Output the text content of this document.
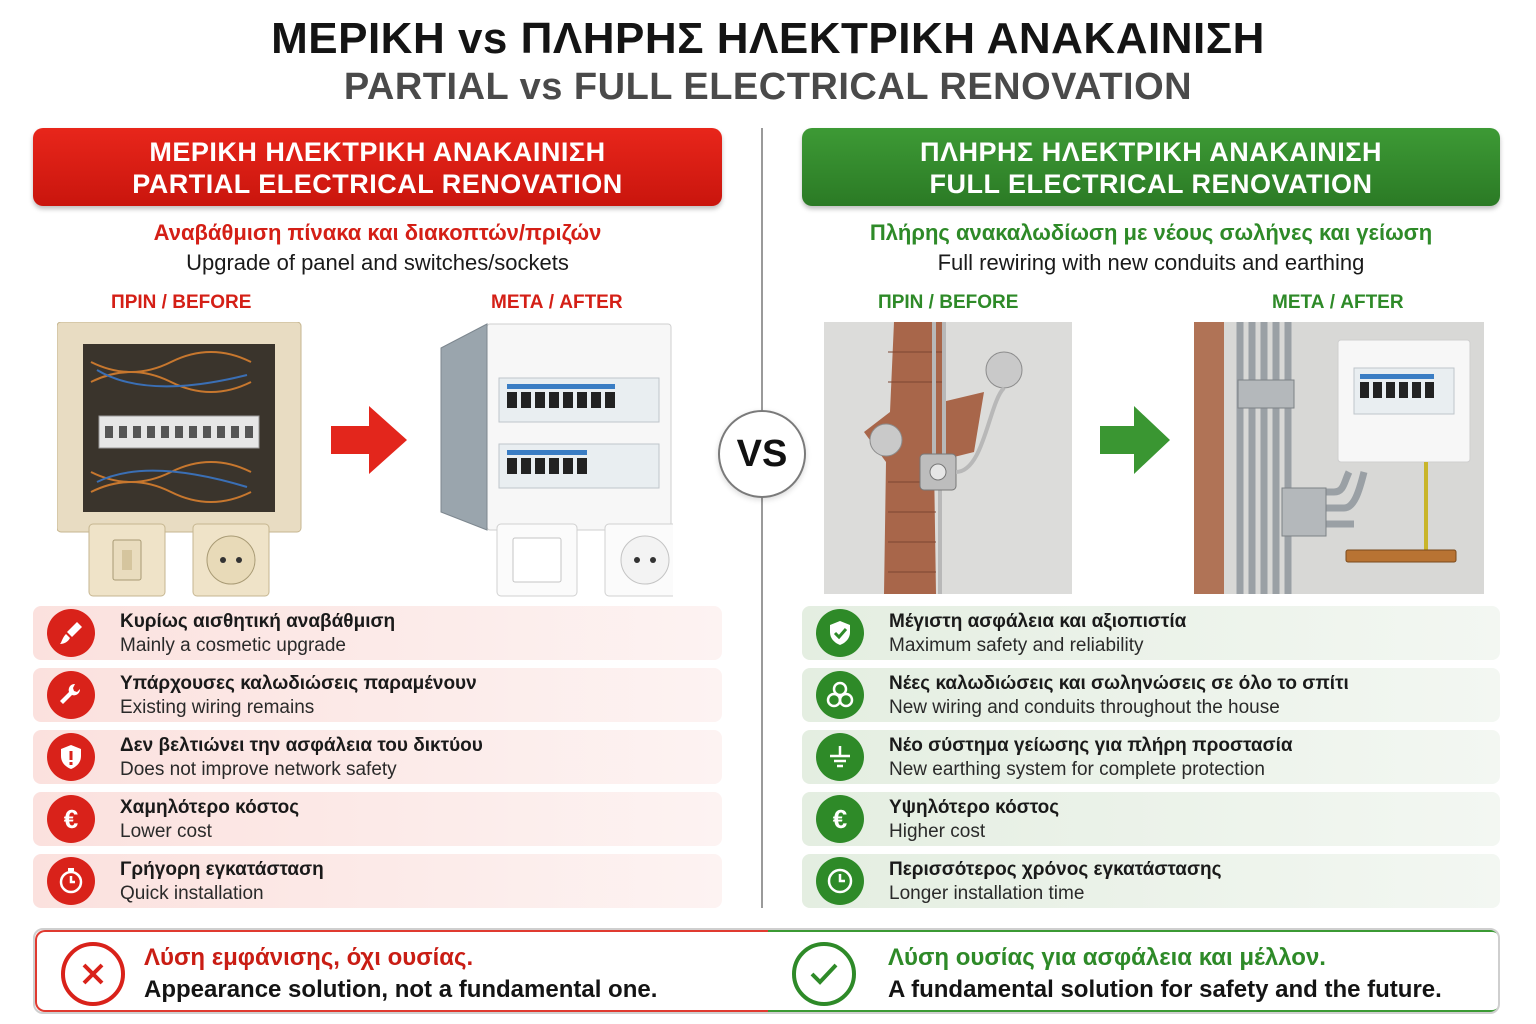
ΜΕΡΙΚΗ vs ΠΛΗΡΗΣ ΗΛΕΚΤΡΙΚΗ ΑΝΑΚΑΙΝΙΣΗ
PARTIAL vs FULL ELECTRICAL RENOVATION
VS
ΜΕΡΙΚΗ ΗΛΕΚΤΡΙΚΗ ΑΝΑΚΑΙΝΙΣΗ
PARTIAL ELECTRICAL RENOVATION
Αναβάθμιση πίνακα και διακοπτών/πριζών
Upgrade of panel and switches/sockets
ΠΡΙΝ / BEFORE	ΜΕΤΑ / AFTER
Κυρίως αισθητική αναβάθμιση
Mainly a cosmetic upgrade
Υπάρχουσες καλωδιώσεις παραμένουν
Existing wiring remains
Δεν βελτιώνει την ασφάλεια του δικτύου
Does not improve network safety
€	Χαμηλότερο κόστος
Lower cost
Γρήγορη εγκατάσταση
Quick installation
ΠΛΗΡΗΣ ΗΛΕΚΤΡΙΚΗ ΑΝΑΚΑΙΝΙΣΗ
FULL ELECTRICAL RENOVATION
Πλήρης ανακαλωδίωση με νέους σωλήνες και γείωση
Full rewiring with new conduits and earthing
ΠΡΙΝ / BEFORE	ΜΕΤΑ / AFTER
Μέγιστη ασφάλεια και αξιοπιστία
Maximum safety and reliability
Νέες καλωδιώσεις και σωληνώσεις σε όλο το σπίτι
New wiring and conduits throughout the house
Νέο σύστημα γείωσης για πλήρη προστασία
New earthing system for complete protection
€	Υψηλότερο κόστος
Higher cost
Περισσότερος χρόνος εγκατάστασης
Longer installation time
Λύση εμφάνισης, όχι ουσίας.
Appearance solution, not a fundamental one.
Λύση ουσίας για ασφάλεια και μέλλον.
A fundamental solution for safety and the future.
